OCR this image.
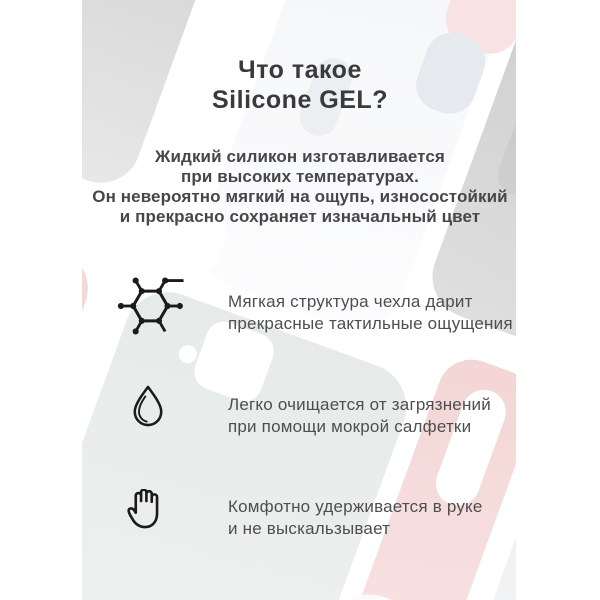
Что такое
Silicone GEL?
Жидкий силикон изготавливается
при высоких температурах.
Он невероятно мягкий на ощупь, износостойкий
и прекрасно сохраняет изначальный цвет
Мягкая структура чехла дарит
прекрасные тактильные ощущения
Легко очищается от загрязнений
при помощи мокрой салфетки
Комфотно удерживается в руке
и не выскальзывает
